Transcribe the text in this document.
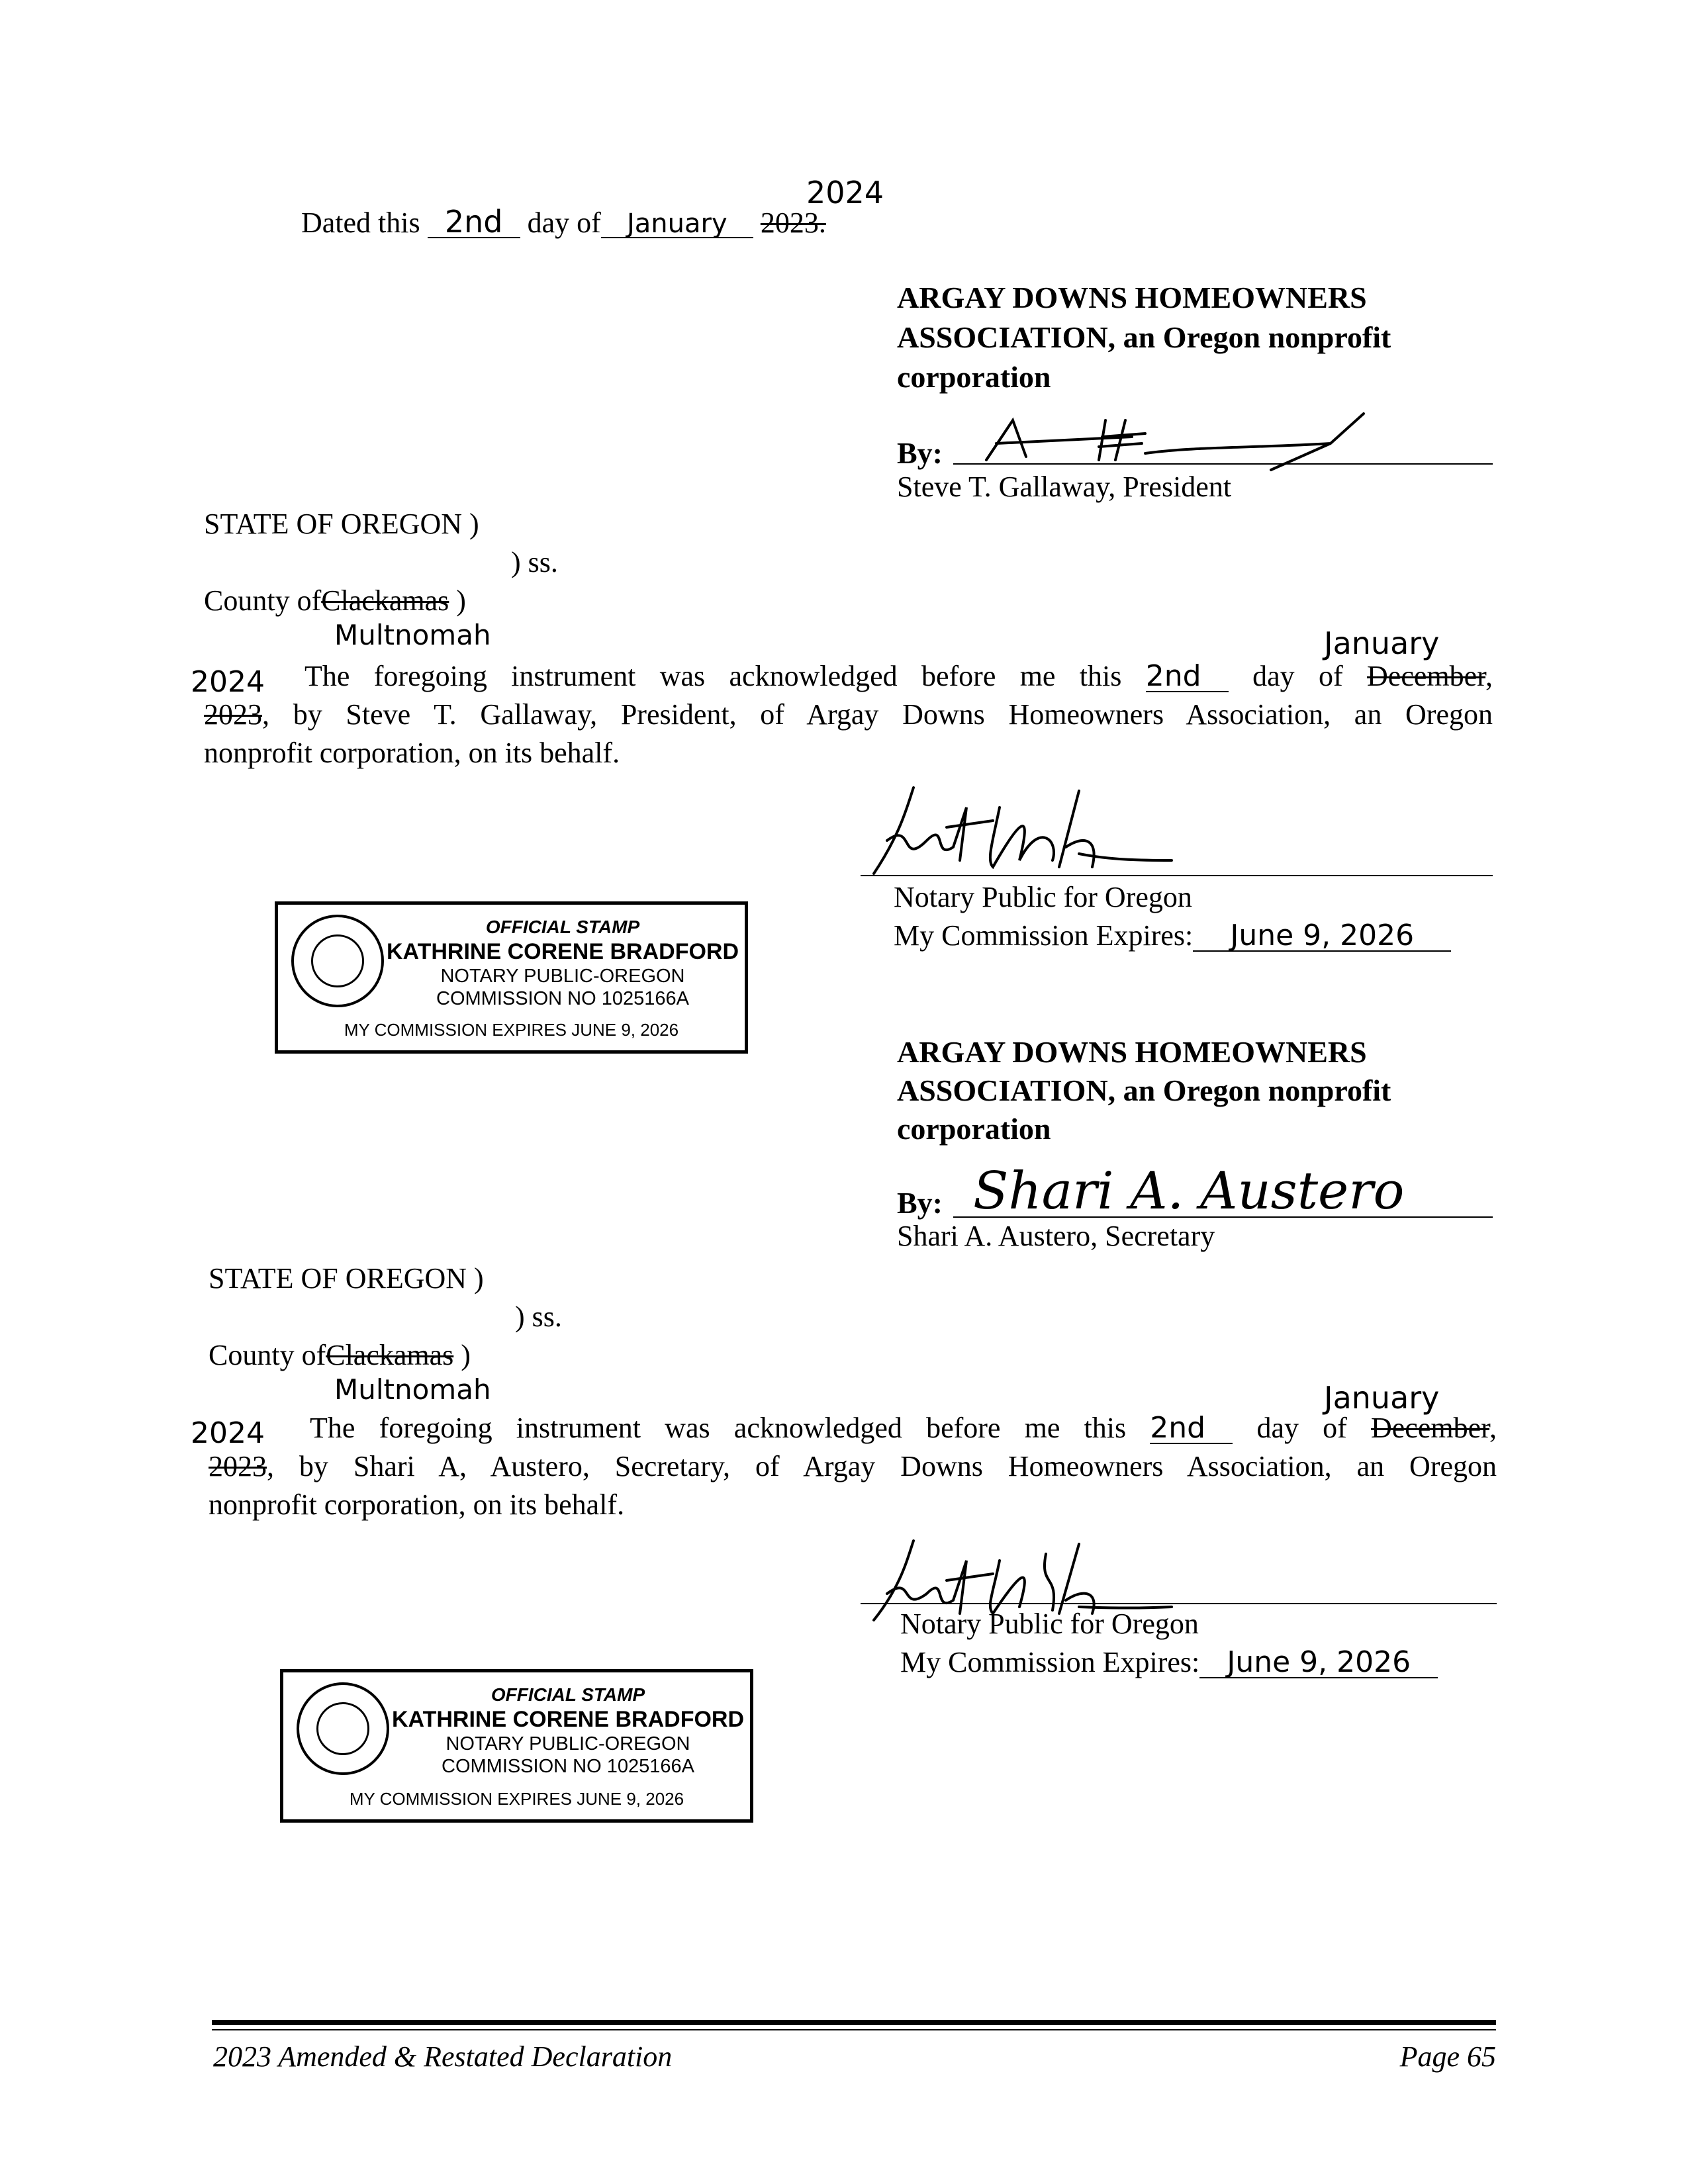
Dated this 2nd day of January 2023.
2024
ARGAY DOWNS HOMEOWNERS
ASSOCIATION, an Oregon nonprofit
corporation
By:
Steve T. Gallaway, President
STATE OF OREGON )
) ss.
County ofClackamas )
Multnomah	January
2024 The foregoing instrument was acknowledged before me this 2nd day of December,
2023, by Steve T. Gallaway, President, of Argay Downs Homeowners Association, an Oregon
nonprofit corporation, on its behalf.
Notary Public for Oregon
My Commission Expires: June 9, 2026
OFFICIAL STAMP
KATHRINE CORENE BRADFORD
NOTARY PUBLIC-OREGON
COMMISSION NO 1025166A
MY COMMISSION EXPIRES JUNE 9, 2026
ARGAY DOWNS HOMEOWNERS
ASSOCIATION, an Oregon nonprofit
corporation
By: Shari A. Austero
Shari A. Austero, Secretary
STATE OF OREGON )
) ss.
County ofClackamas )
Multnomah	January
2024 The foregoing instrument was acknowledged before me this 2nd day of December,
2023, by Shari A, Austero, Secretary, of Argay Downs Homeowners Association, an Oregon
nonprofit corporation, on its behalf.
Notary Public for Oregon
My Commission Expires: June 9, 2026
OFFICIAL STAMP
KATHRINE CORENE BRADFORD
NOTARY PUBLIC-OREGON
COMMISSION NO 1025166A
MY COMMISSION EXPIRES JUNE 9, 2026
2023 Amended & Restated Declaration	Page 65
